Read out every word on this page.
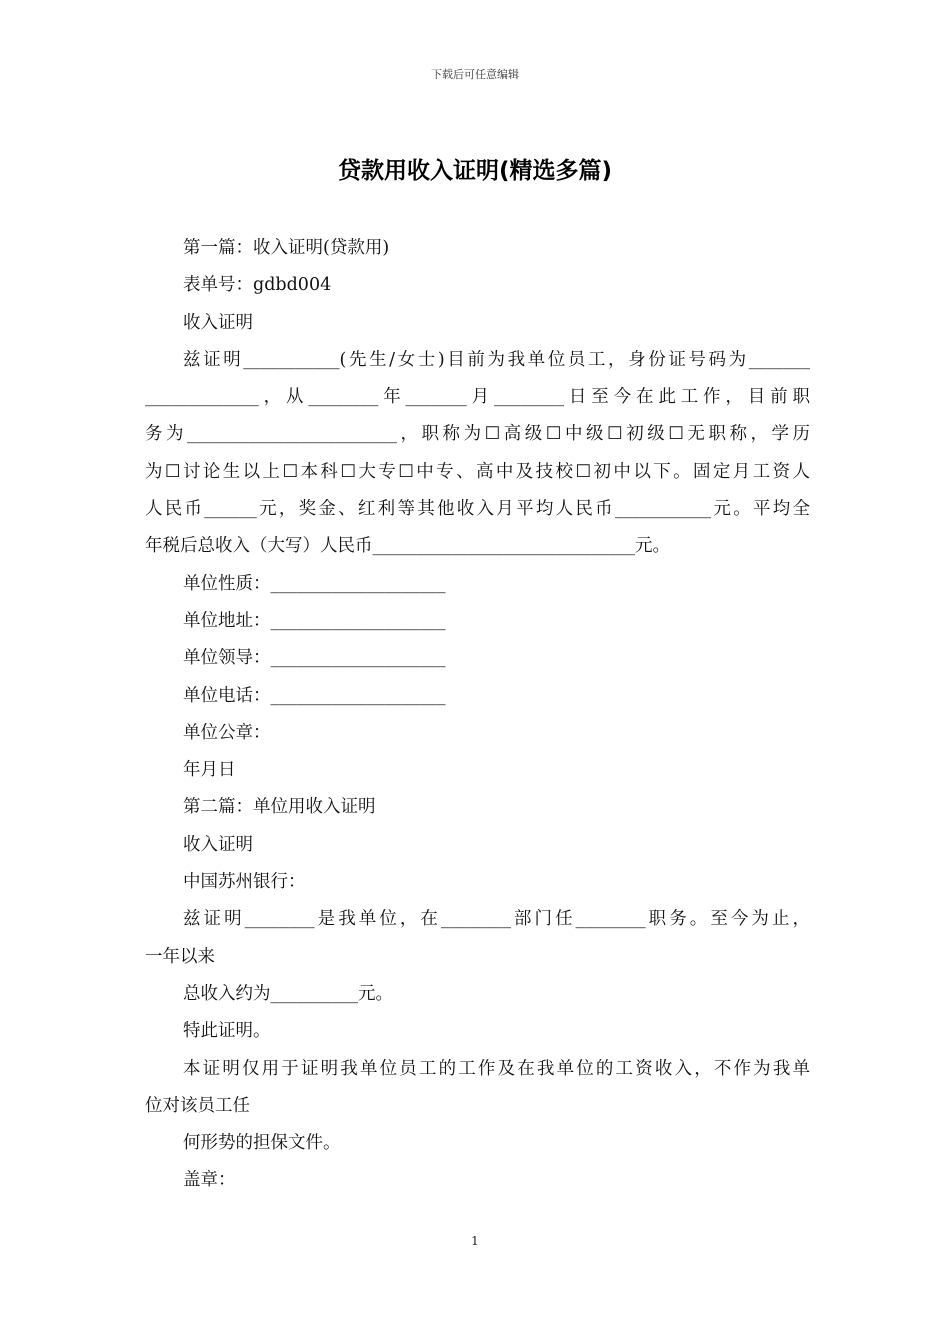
下载后可任意编辑
贷款用收入证明(精选多篇)
第一篇：收入证明(贷款用)
表单号：gdbd004
收入证明
兹证明___________(先生/女士)目前为我单位员工，身份证号码为_______
_____________，从________年_______月________日至今在此工作，目前职
务为________________________，职称为☐高级☐中级☐初级☐无职称，学历
为☐讨论生以上☐本科☐大专☐中专、高中及技校☐初中以下。固定月工资人
人民币______元，奖金、红利等其他收入月平均人民币___________元。平均全
年税后总收入（大写）人民币______________________________元。
单位性质：____________________
单位地址：____________________
单位领导：____________________
单位电话：____________________
单位公章：
年月日
第二篇：单位用收入证明
收入证明
中国苏州银行：
兹证明________是我单位，在________部门任________职务。至今为止，
一年以来
总收入约为__________元。
特此证明。
本证明仅用于证明我单位员工的工作及在我单位的工资收入，不作为我单
位对该员工任
何形势的担保文件。
盖章：
1
